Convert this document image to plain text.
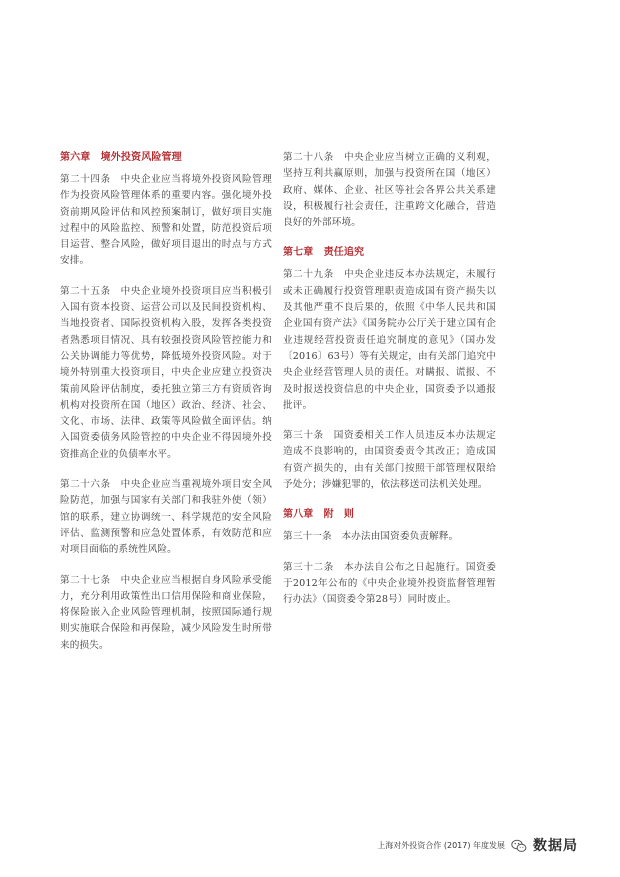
第六章　境外投资风险管理

第二十四条　中央企业应当将境外投资风险管理作为投资风险管理体系的重要内容。强化境外投资前期风险评估和风控预案制订，做好项目实施过程中的风险监控、预警和处置，防范投资后项目运营、整合风险，做好项目退出的时点与方式安排。

第二十五条　中央企业境外投资项目应当积极引入国有资本投资、运营公司以及民间投资机构、当地投资者、国际投资机构入股，发挥各类投资者熟悉项目情况、具有较强投资风险管控能力和公关协调能力等优势，降低境外投资风险。对于境外特别重大投资项目，中央企业应建立投资决策前风险评估制度，委托独立第三方有资质咨询机构对投资所在国（地区）政治、经济、社会、文化、市场、法律、政策等风险做全面评估。纳入国资委债务风险管控的中央企业不得因境外投资推高企业的负债率水平。

第二十六条　中央企业应当重视境外项目安全风险防范，加强与国家有关部门和我驻外使（领）馆的联系，建立协调统一、科学规范的安全风险评估、监测预警和应急处置体系，有效防范和应对项目面临的系统性风险。

第二十七条　中央企业应当根据自身风险承受能力，充分利用政策性出口信用保险和商业保险，将保险嵌入企业风险管理机制，按照国际通行规则实施联合保险和再保险，减少风险发生时所带来的损失。

第二十八条　中央企业应当树立正确的义利观，坚持互利共赢原则，加强与投资所在国（地区）政府、媒体、企业、社区等社会各界公共关系建设，积极履行社会责任，注重跨文化融合，营造良好的外部环境。

第七章　责任追究

第二十九条　中央企业违反本办法规定，未履行或未正确履行投资管理职责造成国有资产损失以及其他严重不良后果的，依照《中华人民共和国企业国有资产法》《国务院办公厅关于建立国有企业违规经营投资责任追究制度的意见》（国办发〔2016〕63号）等有关规定，由有关部门追究中央企业经营管理人员的责任。对瞒报、谎报、不及时报送投资信息的中央企业，国资委予以通报批评。

第三十条　国资委相关工作人员违反本办法规定造成不良影响的，由国资委责令其改正；造成国有资产损失的，由有关部门按照干部管理权限给予处分；涉嫌犯罪的，依法移送司法机关处理。

第八章　附　则

第三十一条　本办法由国资委负责解释。

第三十二条　本办法自公布之日起施行。国资委于2012年公布的《中央企业境外投资监督管理暂行办法》（国资委令第28号）同时废止。

上海对外投资合作 (2017) 年度发展 数据局
